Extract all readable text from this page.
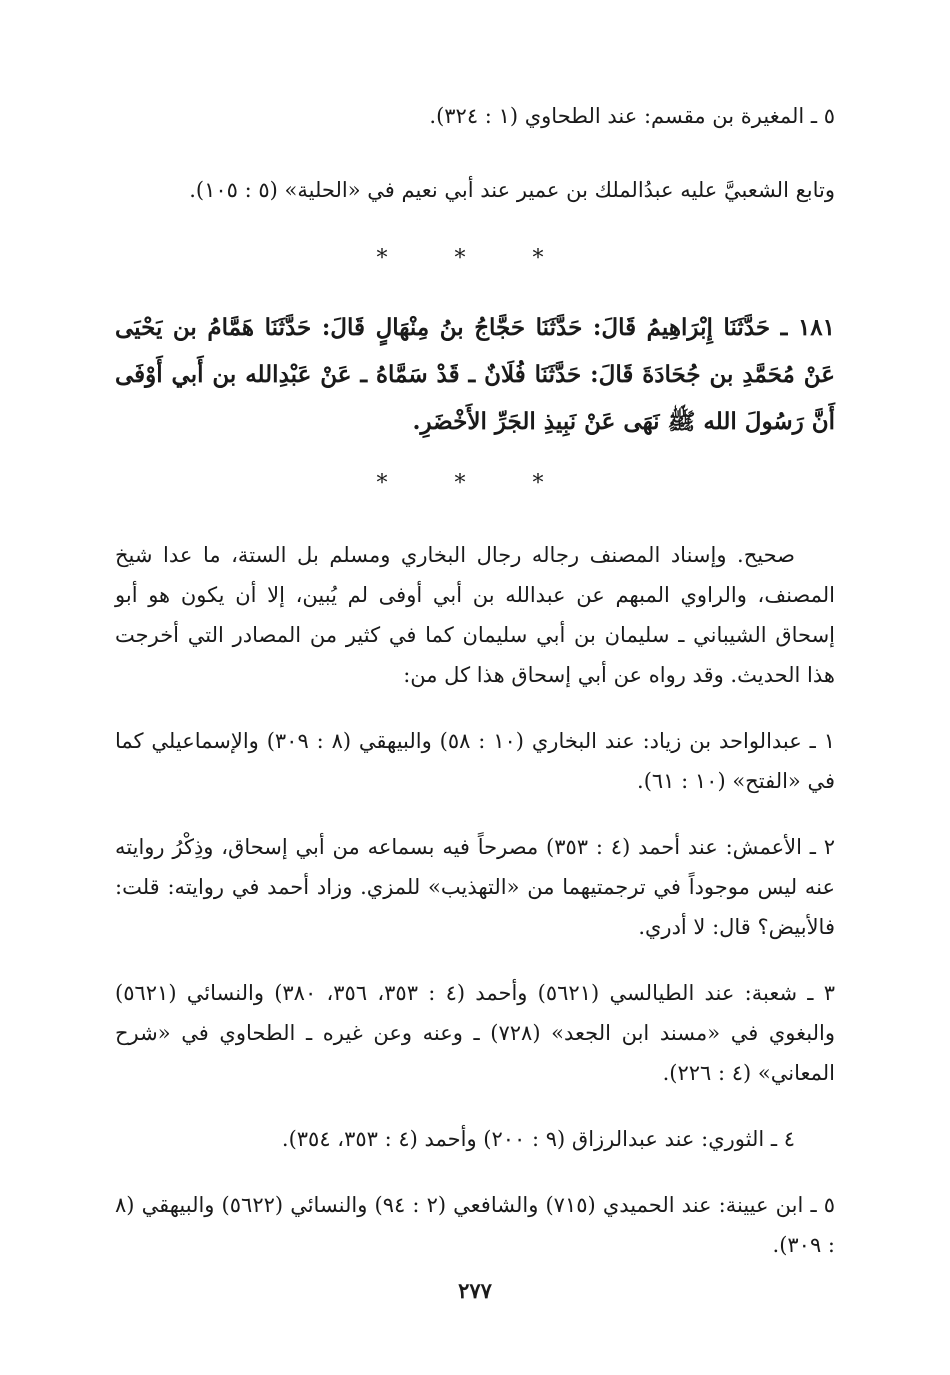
٥ ـ المغيرة بن مقسم: عند الطحاوي (١ : ٣٢٤).

وتابع الشعبيَّ عليه عبدُالملك بن عمير عند أبي نعيم في «الحلية» (٥ : ١٠٥).

* * *

١٨١ ـ حَدَّثَنَا إِبْرَاهِيمُ قَالَ: حَدَّثَنَا حَجَّاجُ بنُ مِنْهَالٍ قَالَ: حَدَّثَنَا هَمَّامُ بن يَحْيَى عَنْ مُحَمَّدِ بن جُحَادَةَ قَالَ: حَدَّثَنَا فُلَانٌ ـ قَدْ سَمَّاهُ ـ عَنْ عَبْدِالله بن أَبي أَوْفَى أَنَّ رَسُولَ الله ﷺ نَهَى عَنْ نَبِيذِ الجَرِّ الأَخْضَرِ.

* * *

صحيح. وإسناد المصنف رجاله رجال البخاري ومسلم بل الستة، ما عدا شيخ المصنف، والراوي المبهم عن عبدالله بن أبي أوفى لم يُبين، إلا أن يكون هو أبو إسحاق الشيباني ـ سليمان بن أبي سليمان كما في كثير من المصادر التي أخرجت هذا الحديث. وقد رواه عن أبي إسحاق هذا كل من:

١ ـ عبدالواحد بن زياد: عند البخاري (١٠ : ٥٨) والبيهقي (٨ : ٣٠٩) والإسماعيلي كما في «الفتح» (١٠ : ٦١).

٢ ـ الأعمش: عند أحمد (٤ : ٣٥٣) مصرحاً فيه بسماعه من أبي إسحاق، وذِكْرُ روايته عنه ليس موجوداً في ترجمتيهما من «التهذيب» للمزي. وزاد أحمد في روايته: قلت: فالأبيض؟ قال: لا أدري.

٣ ـ شعبة: عند الطيالسي (٥٦٢١) وأحمد (٤ : ٣٥٣، ٣٥٦، ٣٨٠) والنسائي (٥٦٢١) والبغوي في «مسند ابن الجعد» (٧٢٨) ـ وعنه وعن غيره ـ الطحاوي في «شرح المعاني» (٤ : ٢٢٦).

٤ ـ الثوري: عند عبدالرزاق (٩ : ٢٠٠) وأحمد (٤ : ٣٥٣، ٣٥٤).

٥ ـ ابن عيينة: عند الحميدي (٧١٥) والشافعي (٢ : ٩٤) والنسائي (٥٦٢٢) والبيهقي (٨ : ٣٠٩).

٢٧٧
